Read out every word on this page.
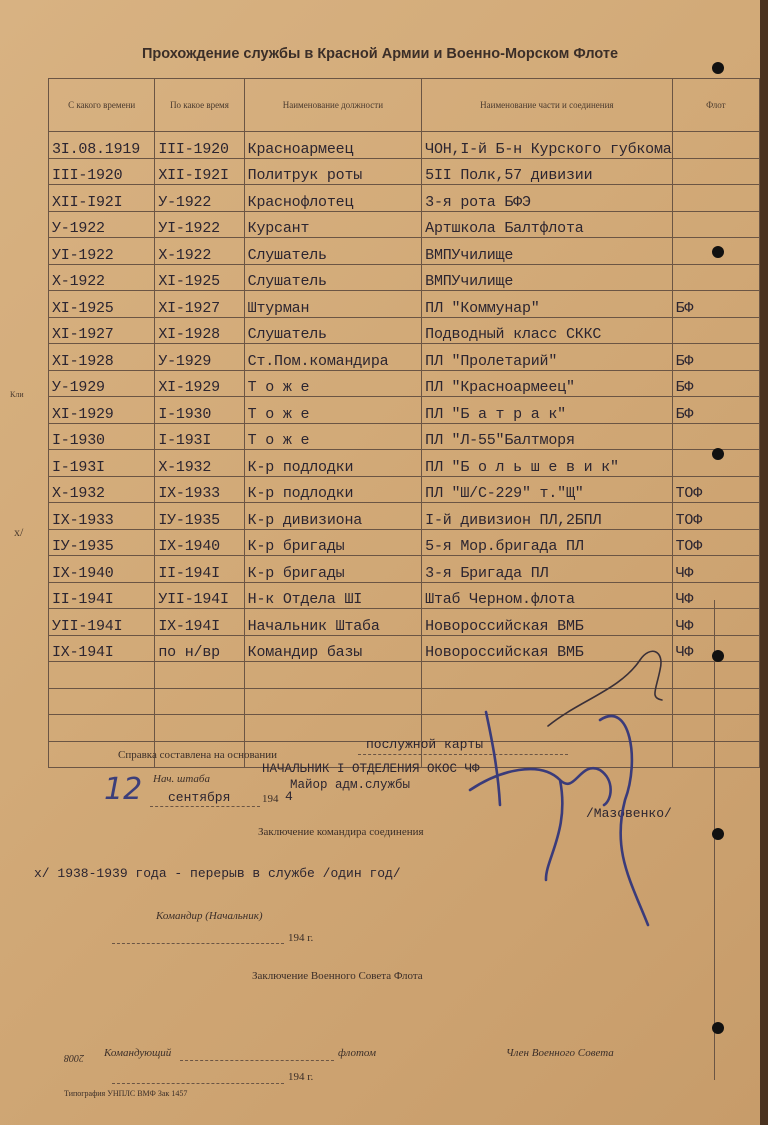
Прохождение службы в Красной Армии и Военно-Морском Флоте
С какого времени	По какое время	Наименование должности	Наименование части и соединения	Флот
3I.08.1919	III-1920	Красноармеец	ЧОН,I-й Б-н Курского губкома	
III-1920	XII-I92I	Политрук роты	5II Полк,57 дивизии	
XII-I92I	У-1922	Краснофлотец	3-я рота БФЭ	
У-1922	УI-1922	Курсант	Артшкола Балтфлота	
УI-1922	Х-1922	Слушатель	ВМПУчилище	
Х-1922	ХI-1925	Слушатель	ВМПУчилище	
ХI-1925	ХI-1927	Штурман	ПЛ "Коммунар"	БФ
ХI-1927	ХI-1928	Слушатель	Подводный класс СККС	
ХI-1928	У-1929	Ст.Пом.командира	ПЛ "Пролетарий"	БФ
У-1929	ХI-1929	Т о ж е	ПЛ "Красноармеец"	БФ
ХI-1929	I-1930	Т о ж е	ПЛ "Б а т р а к"	БФ
I-1930	I-193I	Т о ж е	ПЛ "Л-55"Балтморя	
I-193I	Х-1932	К-р подлодки	ПЛ "Б о л ь ш е в и к"	
Х-1932	IХ-1933	К-р подлодки	ПЛ "Ш/С-229" т."Щ"	ТОФ
IХ-1933	IУ-1935	К-р дивизиона	I-й дивизион ПЛ,2БПЛ	ТОФ
IУ-1935	IХ-1940	К-р бригады	5-я Мор.бригада ПЛ	ТОФ
IХ-1940	II-194I	К-р бригады	3-я Бригада ПЛ	ЧФ
II-194I	УII-194I	Н-к Отдела ШI	Штаб Черном.флота	ЧФ
УII-194I	IХ-194I	Начальник Штаба	Новороссийская ВМБ	ЧФ
IХ-194I	по н/вр	Командир базы	Новороссийская ВМБ	ЧФ

х/
Кли
Справка составлена на основании
послужной карты
НАЧАЛЬНИК I ОТДЕЛЕНИЯ ОКОС ЧФ
Майор адм.службы
/Мазовенко/
12 Нач. штаба
сентября	194 4
Заключение командира соединения
х/ 1938-1939 года - перерыв в службе /один год/
Командир (Начальник)
194 г.
Заключение Военного Совета Флота
Командующий	флотом	Член Военного Совета
2008
194 г.
Типография УНПЛС ВМФ Зак 1457
